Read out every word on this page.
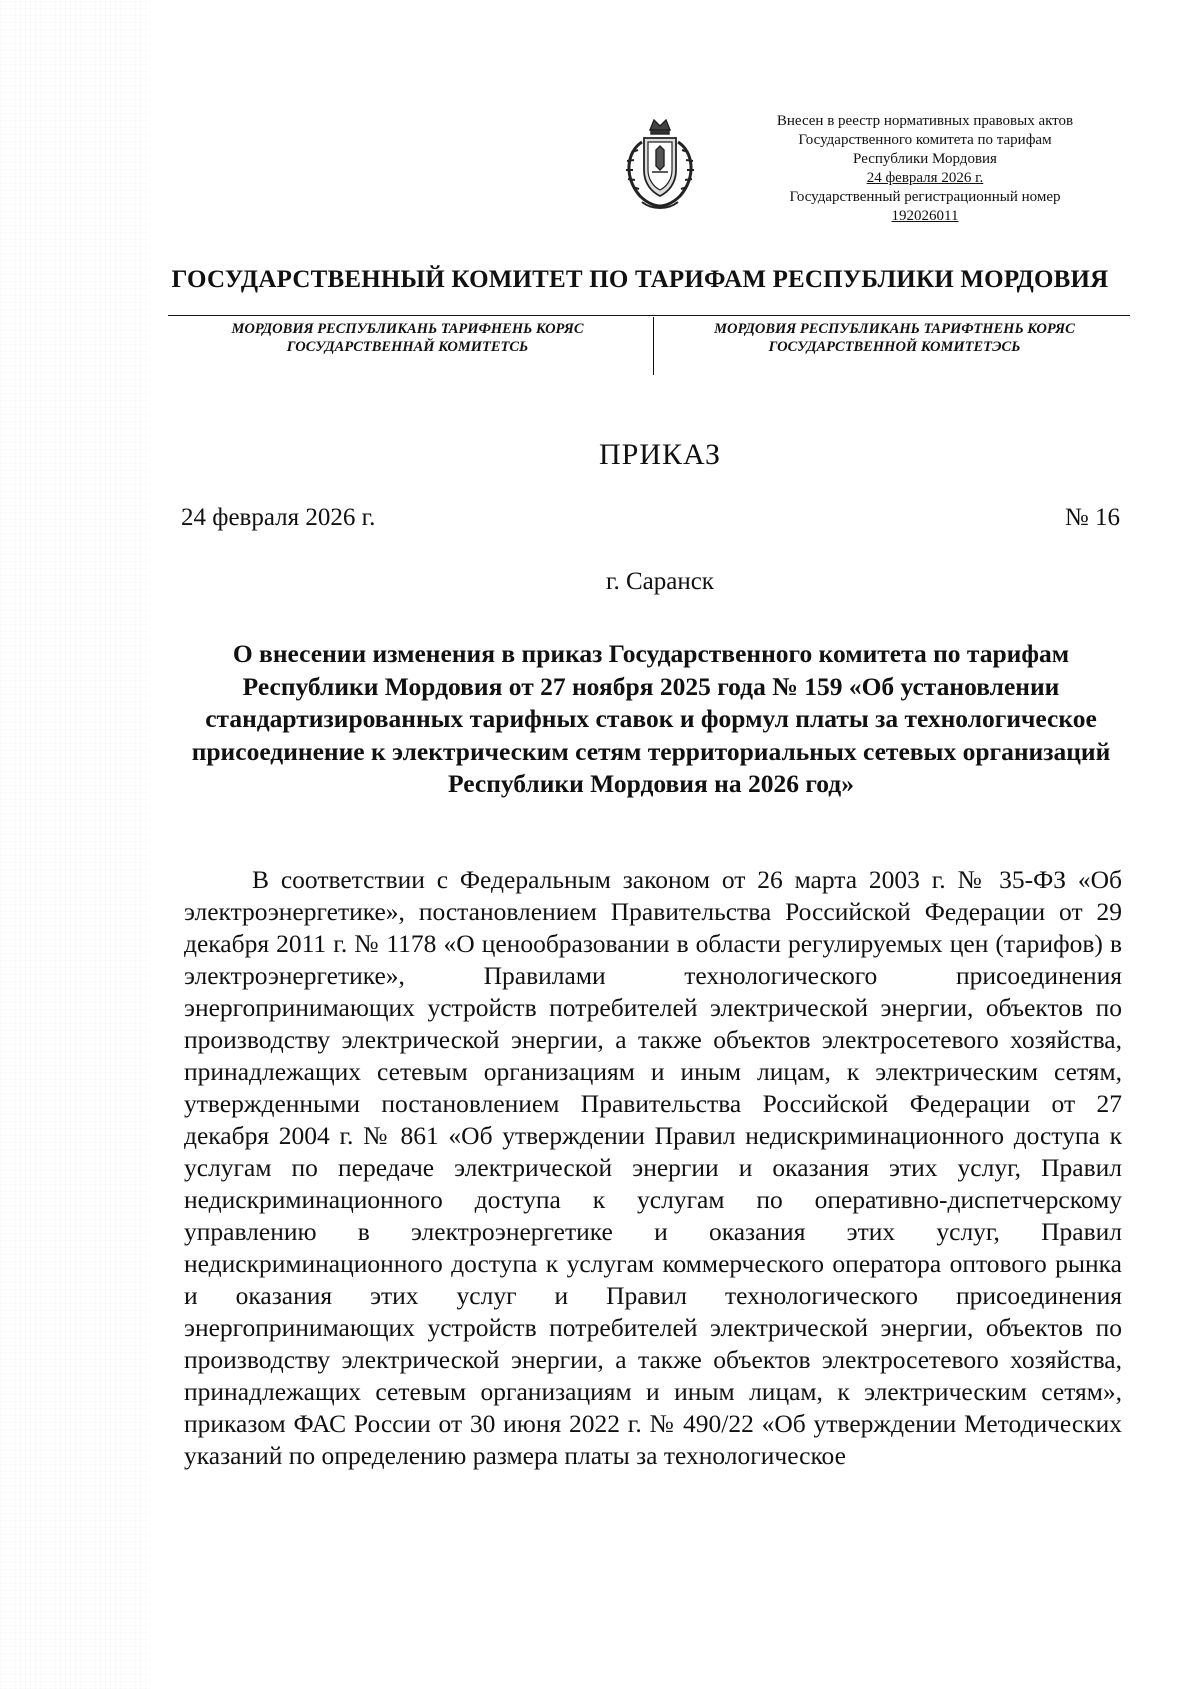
Внесен в реестр нормативных правовых актов
Государственного комитета по тарифам
Республики Мордовия
24 февраля 2026 г.
Государственный регистрационный номер
192026011
ГОСУДАРСТВЕННЫЙ КОМИТЕТ ПО ТАРИФАМ РЕСПУБЛИКИ МОРДОВИЯ
МОРДОВИЯ РЕСПУБЛИКАНЬ ТАРИФНЕНЬ КОРЯС
ГОСУДАРСТВЕННАЙ КОМИТЕТСЬ
МОРДОВИЯ РЕСПУБЛИКАНЬ ТАРИФТНЕНЬ КОРЯС
ГОСУДАРСТВЕННОЙ КОМИТЕТЭСЬ
ПРИКАЗ
24 февраля 2026 г.	№ 16
г. Саранск
О внесении изменения в приказ Государственного комитета по тарифам Республики Мордовия от 27 ноября 2025 года № 159 «Об установлении стандартизированных тарифных ставок и формул платы за технологическое присоединение к электрическим сетям территориальных сетевых организаций Республики Мордовия на 2026 год»
В соответствии с Федеральным законом от 26 марта 2003 г. № 35-ФЗ «Об электроэнергетике», постановлением Правительства Российской Федерации от 29 декабря 2011 г. № 1178 «О ценообразовании в области регулируемых цен (тарифов) в электроэнергетике», Правилами технологического присоединения энергопринимающих устройств потребителей электрической энергии, объектов по производству электрической энергии, а также объектов электросетевого хозяйства, принадлежащих сетевым организациям и иным лицам, к электрическим сетям, утвержденными постановлением Правительства Российской Федерации от 27 декабря 2004 г. № 861 «Об утверждении Правил недискриминационного доступа к услугам по передаче электрической энергии и оказания этих услуг, Правил недискриминационного доступа к услугам по оперативно-диспетчерскому управлению в электроэнергетике и оказания этих услуг, Правил недискриминационного доступа к услугам коммерческого оператора оптового рынка и оказания этих услуг и Правил технологического присоединения энергопринимающих устройств потребителей электрической энергии, объектов по производству электрической энергии, а также объектов электросетевого хозяйства, принадлежащих сетевым организациям и иным лицам, к электрическим сетям», приказом ФАС России от 30 июня 2022 г. № 490/22 «Об утверждении Методических указаний по определению размера платы за технологическое
